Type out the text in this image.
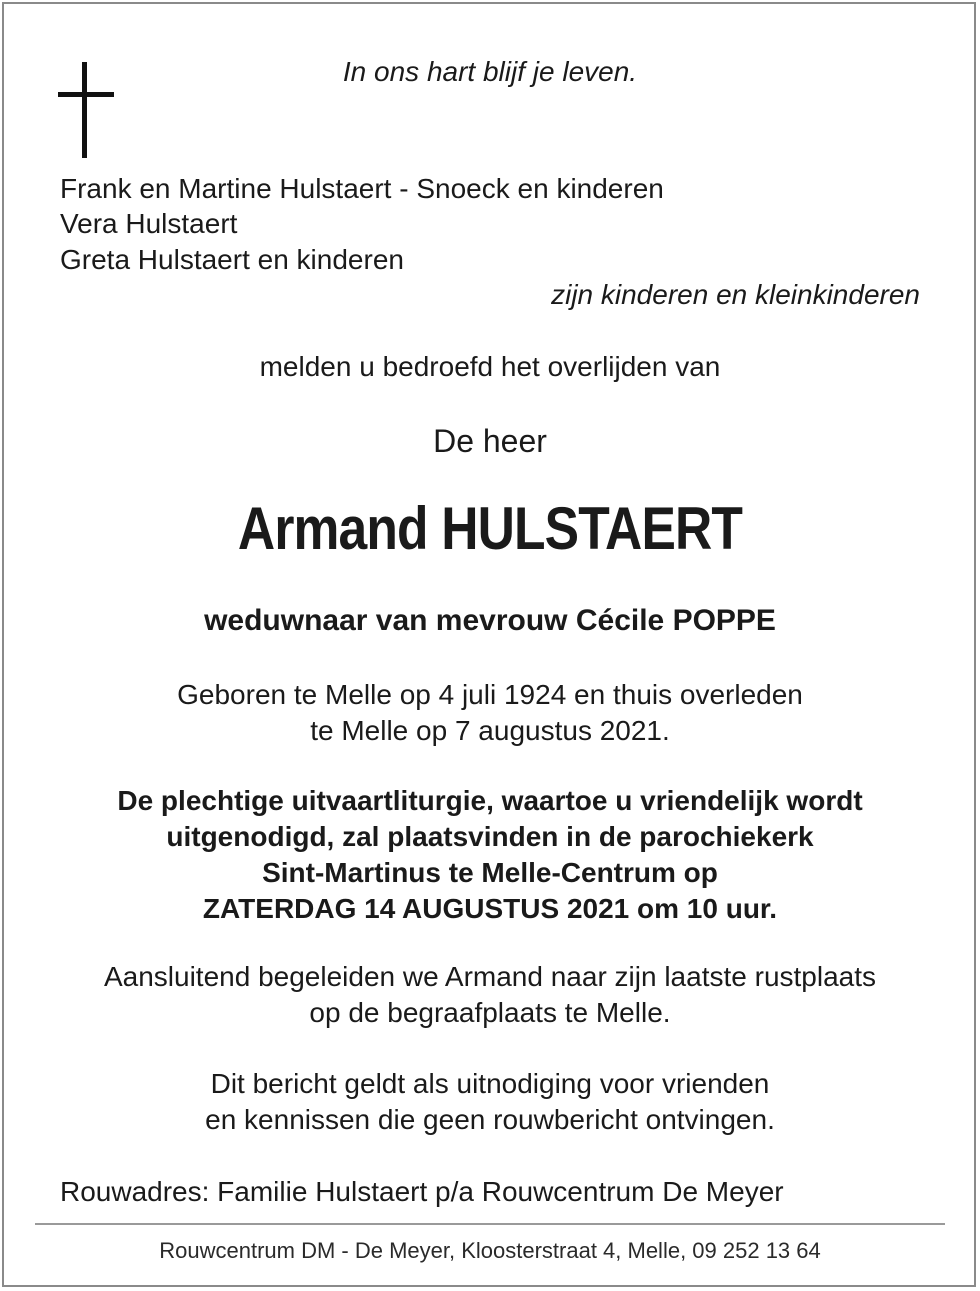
In ons hart blijf je leven.
Frank en Martine Hulstaert - Snoeck en kinderen
Vera Hulstaert
Greta Hulstaert en kinderen
zijn kinderen en kleinkinderen
melden u bedroefd het overlijden van
De heer
Armand HULSTAERT
weduwnaar van mevrouw Cécile POPPE
Geboren te Melle op 4 juli 1924 en thuis overleden
te Melle op 7 augustus 2021.
De plechtige uitvaartliturgie, waartoe u vriendelijk wordt
uitgenodigd, zal plaatsvinden in de parochiekerk
Sint-Martinus te Melle-Centrum op
ZATERDAG 14 AUGUSTUS 2021 om 10 uur.
Aansluitend begeleiden we Armand naar zijn laatste rustplaats
op de begraafplaats te Melle.
Dit bericht geldt als uitnodiging voor vrienden
en kennissen die geen rouwbericht ontvingen.
Rouwadres: Familie Hulstaert p/a Rouwcentrum De Meyer
Rouwcentrum DM - De Meyer, Kloosterstraat 4, Melle, 09 252 13 64
